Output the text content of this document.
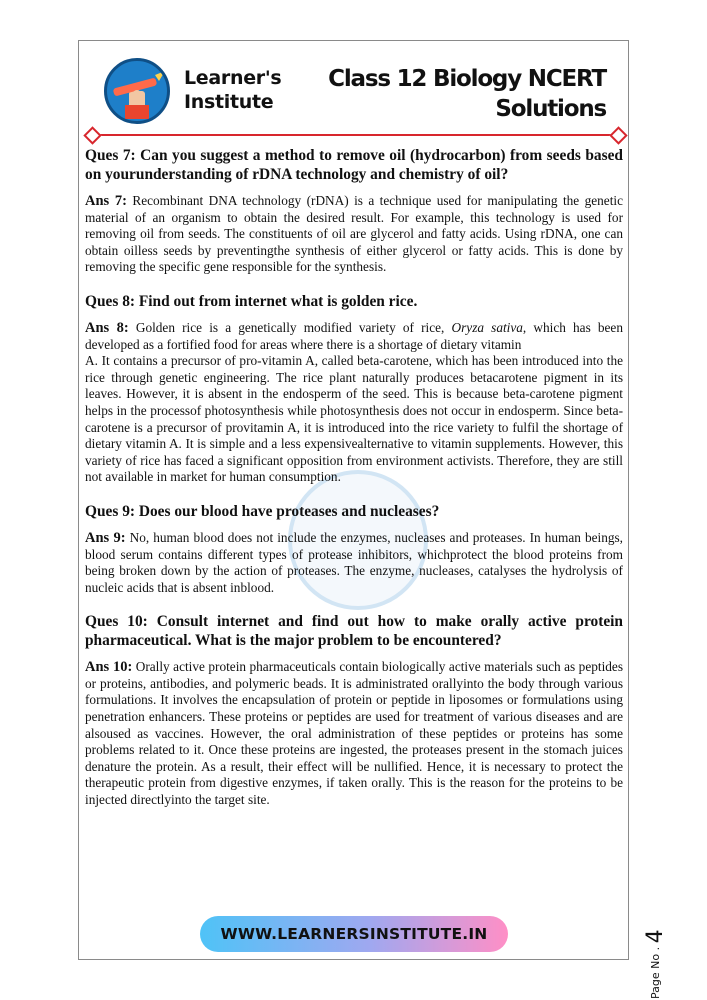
Learner's
Institute
Class 12 Biology NCERT
Solutions

Ques 7: Can you suggest a method to remove oil (hydrocarbon) from seeds based on yourunderstanding of rDNA technology and chemistry of oil?

Ans 7: Recombinant DNA technology (rDNA) is a technique used for manipulating the genetic material of an organism to obtain the desired result. For example, this technology is used for removing oil from seeds. The constituents of oil are glycerol and fatty acids. Using rDNA, one can obtain oilless seeds by preventingthe synthesis of either glycerol or fatty acids. This is done by removing the specific gene responsible for the synthesis.

Ques 8: Find out from internet what is golden rice.

Ans 8: Golden rice is a genetically modified variety of rice, Oryza sativa, which has been developed as a fortified food for areas where there is a shortage of dietary vitamin

A. It contains a precursor of pro-vitamin A, called beta-carotene, which has been introduced into the rice through genetic engineering. The rice plant naturally produces betacarotene pigment in its leaves. However, it is absent in the endosperm of the seed. This is because beta-carotene pigment helps in the processof photosynthesis while photosynthesis does not occur in endosperm. Since beta-carotene is a precursor of provitamin A, it is introduced into the rice variety to fulfil the shortage of dietary vitamin A. It is simple and a less expensivealternative to vitamin supplements. However, this variety of rice has faced a significant opposition from environment activists. Therefore, they are still not available in market for human consumption.

Ques 9: Does our blood have proteases and nucleases?

Ans 9: No, human blood does not include the enzymes, nucleases and proteases. In human beings, blood serum contains different types of protease inhibitors, whichprotect the blood proteins from being broken down by the action of proteases. The enzyme, nucleases, catalyses the hydrolysis of nucleic acids that is absent inblood.

Ques 10: Consult internet and find out how to make orally active protein pharmaceutical. What is the major problem to be encountered?

Ans 10: Orally active protein pharmaceuticals contain biologically active materials such as peptides or proteins, antibodies, and polymeric beads. It is administrated orallyinto the body through various formulations. It involves the encapsulation of protein or peptide in liposomes or formulations using penetration enhancers. These proteins or peptides are used for treatment of various diseases and are alsoused as vaccines. However, the oral administration of these peptides or proteins has some problems related to it. Once these proteins are ingested, the proteases present in the stomach juices denature the protein. As a result, their effect will be nullified. Hence, it is necessary to protect the therapeutic protein from digestive enzymes, if taken orally. This is the reason for the proteins to be injected directlyinto the target site.

WWW.LEARNERSINSTITUTE.IN
Page No . 4
